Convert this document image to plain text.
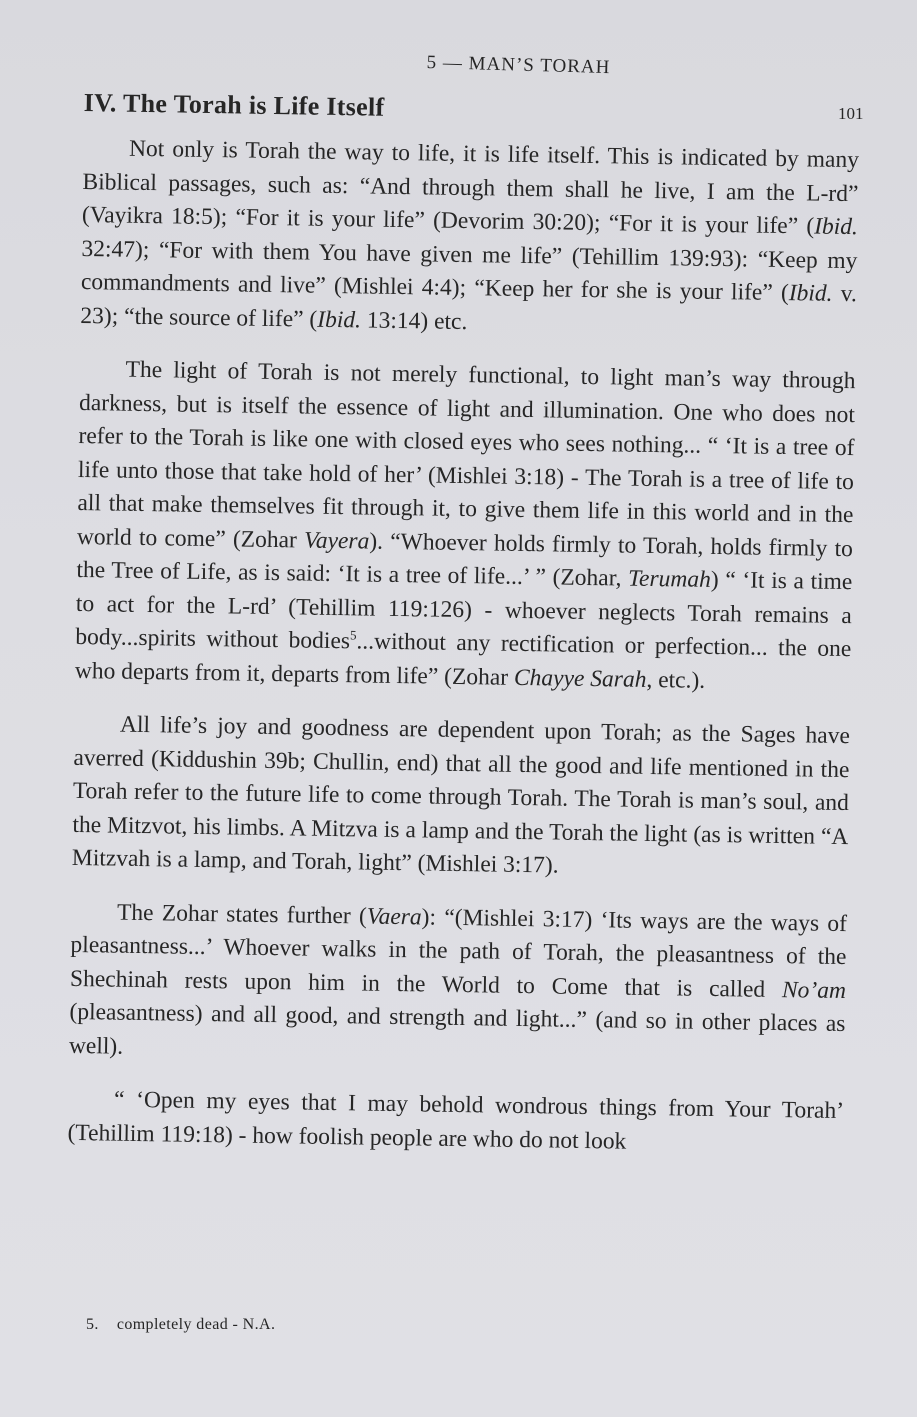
5 — MAN’S TORAH
101
IV. The Torah is Life Itself

Not only is Torah the way to life, it is life itself. This is indicated by many Biblical passages, such as: “And through them shall he live, I am the L-rd” (Vayikra 18:5); “For it is your life” (Devorim 30:20); “For it is your life” (Ibid. 32:47); “For with them You have given me life” (Tehillim 139:93): “Keep my commandments and live” (Mishlei 4:4); “Keep her for she is your life” (Ibid. v. 23); “the source of life” (Ibid. 13:14) etc.

The light of Torah is not merely functional, to light man’s way through darkness, but is itself the essence of light and illumination. One who does not refer to the Torah is like one with closed eyes who sees nothing... “ ‘It is a tree of life unto those that take hold of her’ (Mishlei 3:18) - The Torah is a tree of life to all that make themselves fit through it, to give them life in this world and in the world to come” (Zohar Vayera). “Whoever holds firmly to Torah, holds firmly to the Tree of Life, as is said: ‘It is a tree of life...’ ” (Zohar, Terumah) “ ‘It is a time to act for the L-rd’ (Tehillim 119:126) - whoever neglects Torah remains a body...spirits without bodies$^5$...without any rectification or perfection... the one who departs from it, departs from life” (Zohar Chayye Sarah, etc.).

All life’s joy and goodness are dependent upon Torah; as the Sages have averred (Kiddushin 39b; Chullin, end) that all the good and life mentioned in the Torah refer to the future life to come through Torah. The Torah is man’s soul, and the Mitzvot, his limbs. A Mitzva is a lamp and the Torah the light (as is written “A Mitzvah is a lamp, and Torah, light” (Mishlei 3:17).

The Zohar states further (Vaera): “(Mishlei 3:17) ‘Its ways are the ways of pleasantness...’ Whoever walks in the path of Torah, the pleasantness of the Shechinah rests upon him in the World to Come that is called No’am (pleasantness) and all good, and strength and light...” (and so in other places as well).

“ ‘Open my eyes that I may behold wondrous things from Your Torah’ (Tehillim 119:18) - how foolish people are who do not look

5. completely dead - N.A.
